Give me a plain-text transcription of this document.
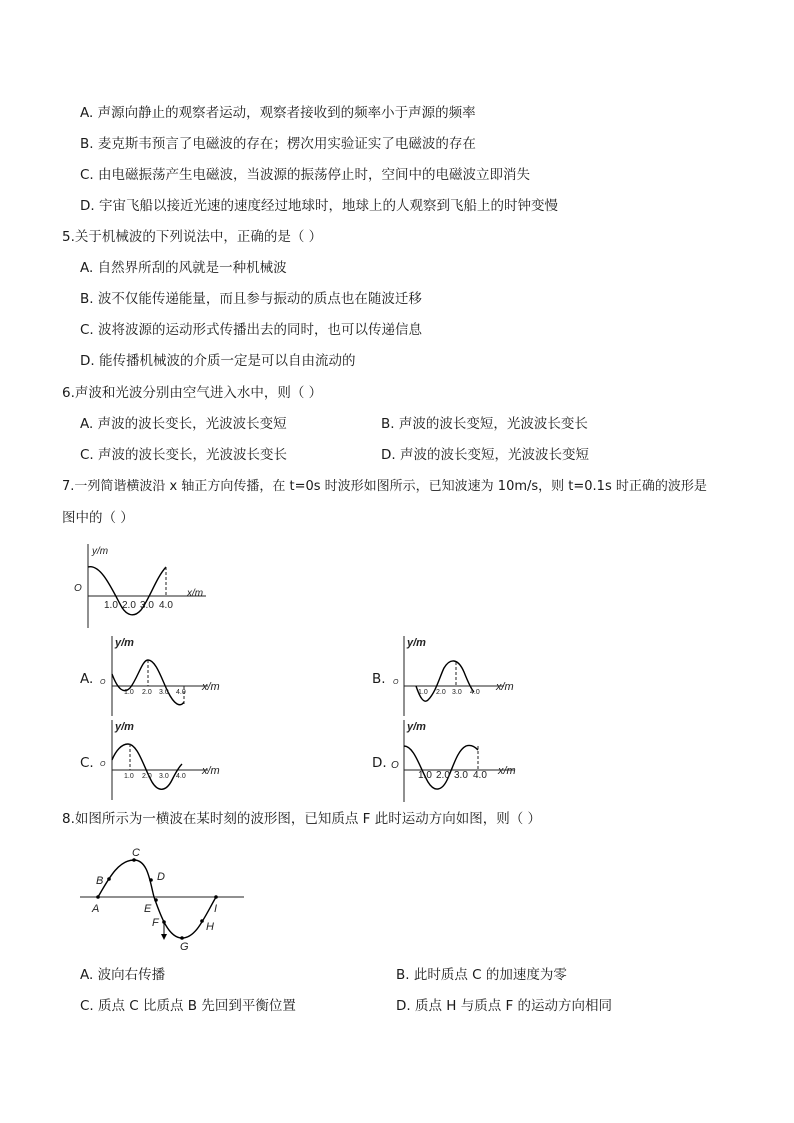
A. 声源向静止的观察者运动，观察者接收到的频率小于声源的频率
B. 麦克斯韦预言了电磁波的存在；楞次用实验证实了电磁波的存在
C. 由电磁振荡产生电磁波，当波源的振荡停止时，空间中的电磁波立即消失
D. 宇宙飞船以接近光速的速度经过地球时，地球上的人观察到飞船上的时钟变慢
5.关于机械波的下列说法中，正确的是（ ）
A. 自然界所刮的风就是一种机械波
B. 波不仅能传递能量，而且参与振动的质点也在随波迁移
C. 波将波源的运动形式传播出去的同时，也可以传递信息
D. 能传播机械波的介质一定是可以自由流动的
6.声波和光波分别由空气进入水中，则（ ）
A. 声波的波长变长，光波波长变短	B. 声波的波长变短，光波波长变长
C. 声波的波长变长，光波波长变长	D. 声波的波长变短，光波波长变短
7.一列简谐横波沿 x 轴正方向传播，在 t=0s 时波形如图所示，已知波速为 10m/s，则 t=0.1s 时正确的波形是
图中的（ ）
y/m
x/m
O
1.0 2.0 3.0 4.0
A.
y/m
x/m
O
1.0 2.0 3.0 4.0
B.
y/m
x/m
O
1.0 2.0 3.0 4.0
C.
y/m
x/m
O
1.0 2.0 3.0 4.0
D.
y/m
x/m
O
1.0 2.0 3.0 4.0
8.如图所示为一横波在某时刻的波形图，已知质点 F 此时运动方向如图，则（ ）
A
B
C
D
E
F
G
H
I
A. 波向右传播	B. 此时质点 C 的加速度为零
C. 质点 C 比质点 B 先回到平衡位置	D. 质点 H 与质点 F 的运动方向相同
